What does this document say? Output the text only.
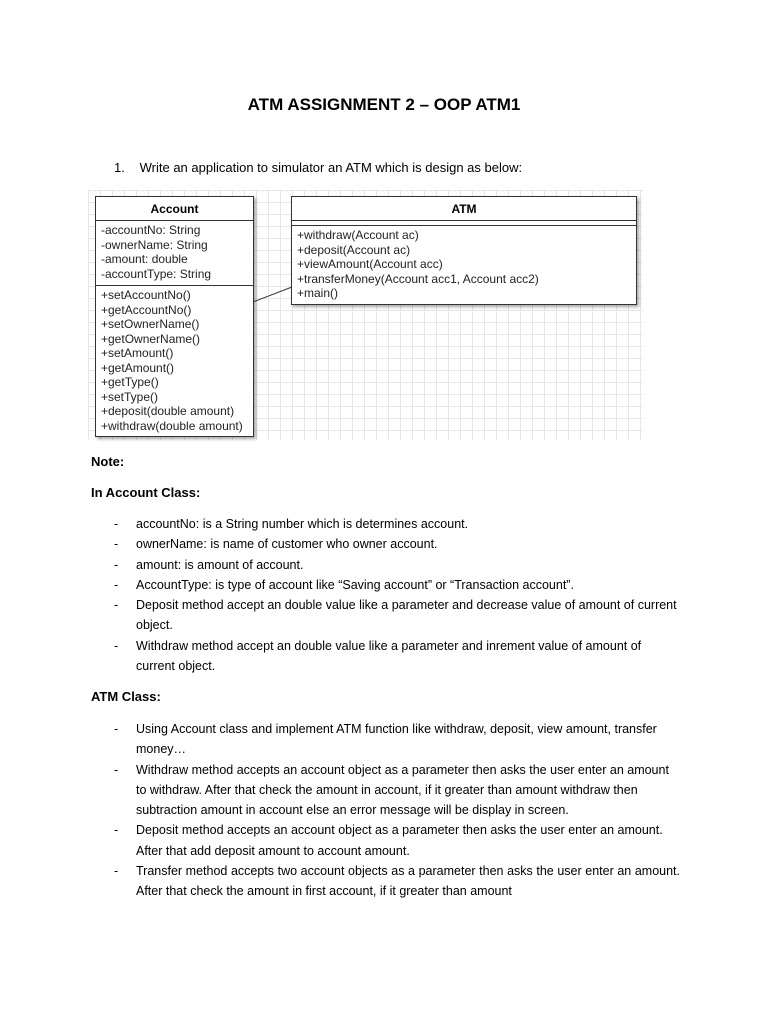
ATM ASSIGNMENT 2 – OOP ATM1
1. Write an application to simulator an ATM which is design as below:
Account
-accountNo: String
-ownerName: String
-amount: double
-accountType: String
+setAccountNo()
+getAccountNo()
+setOwnerName()
+getOwnerName()
+setAmount()
+getAmount()
+getType()
+setType()
+deposit(double amount)
+withdraw(double amount)
ATM
+withdraw(Account ac)
+deposit(Account ac)
+viewAmount(Account acc)
+transferMoney(Account acc1, Account acc2)
+main()
Note:
In Account Class:
- accountNo: is a String number which is determines account.
- ownerName: is name of customer who owner account.
- amount: is amount of account.
- AccountType: is type of account like “Saving account” or “Transaction account”.
- Deposit method accept an double value like a parameter and decrease value of amount of current object.
- Withdraw method accept an double value like a parameter and inrement value of amount of current object.
ATM Class:
- Using Account class and implement ATM function like withdraw, deposit, view amount, transfer money…
- Withdraw method accepts an account object as a parameter then asks the user enter an amount to withdraw. After that check the amount in account, if it greater than amount withdraw then subtraction amount in account else an error message will be display in screen.
- Deposit method accepts an account object as a parameter then asks the user enter an amount. After that add deposit amount to account amount.
- Transfer method accepts two account objects as a parameter then asks the user enter an amount. After that check the amount in first account, if it greater than amount
